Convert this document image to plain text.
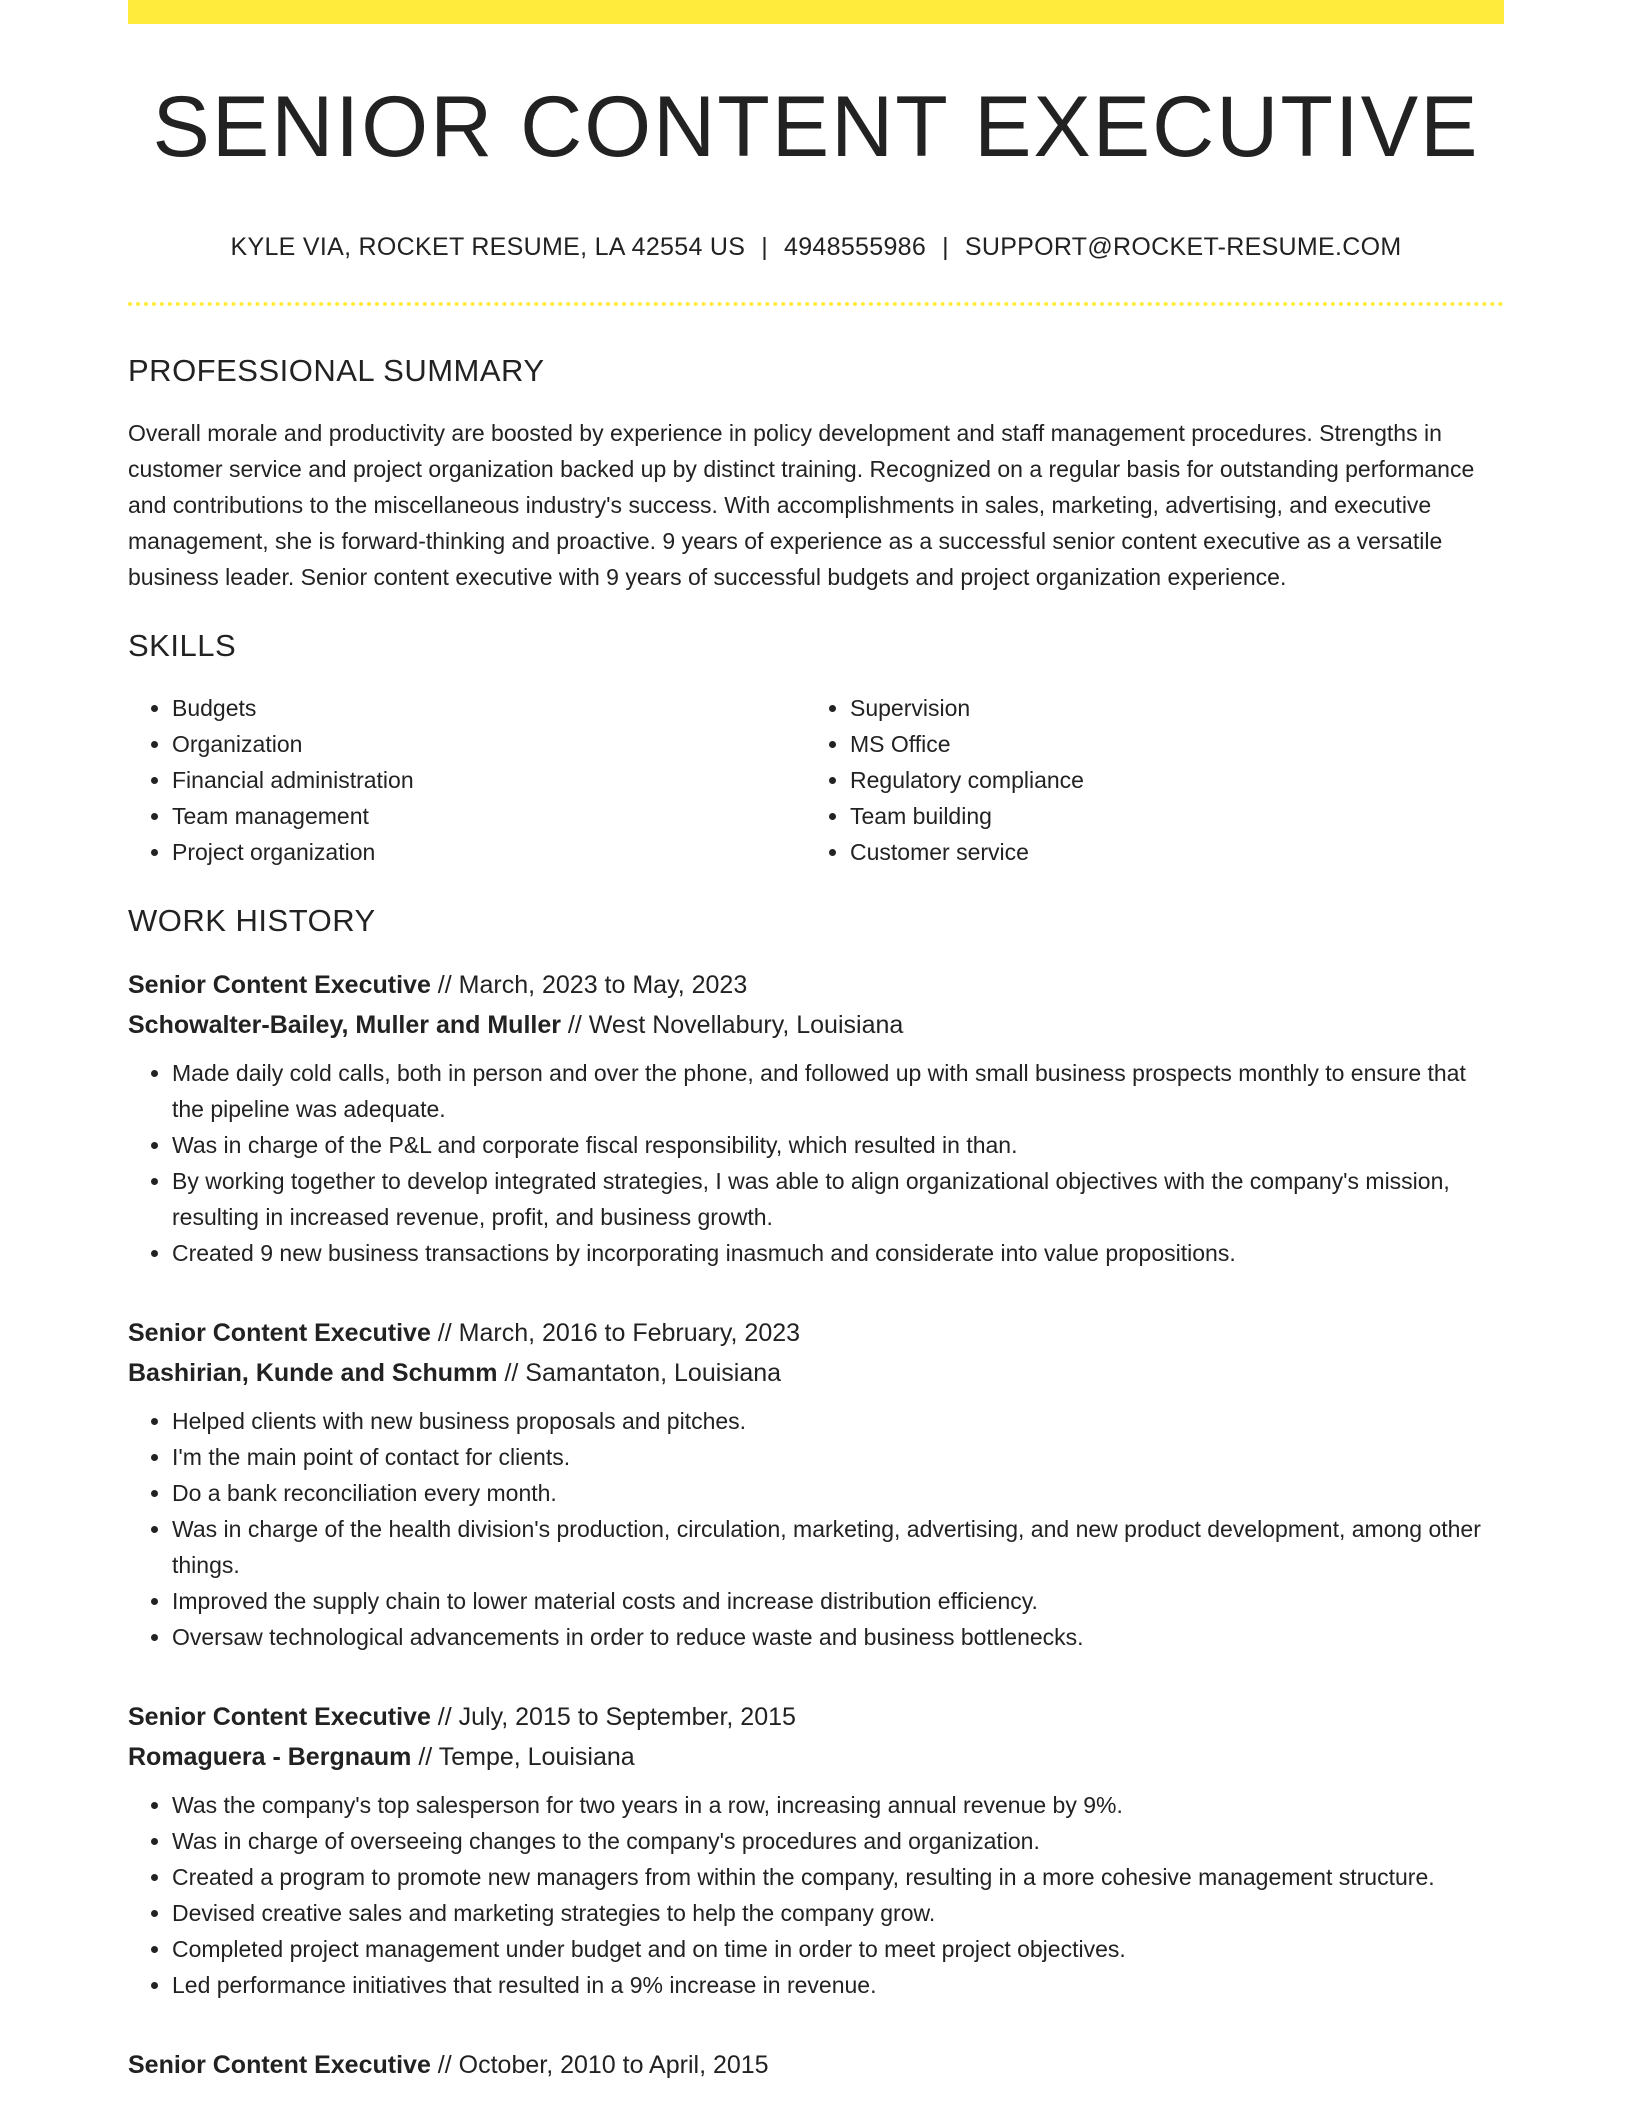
SENIOR CONTENT EXECUTIVE
KYLE VIA, ROCKET RESUME, LA 42554 US | 4948555986 | SUPPORT@ROCKET-RESUME.COM
PROFESSIONAL SUMMARY

Overall morale and productivity are boosted by experience in policy development and staff management procedures. Strengths in customer service and project organization backed up by distinct training. Recognized on a regular basis for outstanding performance and contributions to the miscellaneous industry's success. With accomplishments in sales, marketing, advertising, and executive management, she is forward-thinking and proactive. 9 years of experience as a successful senior content executive as a versatile business leader. Senior content executive with 9 years of successful budgets and project organization experience.

SKILLS
• Budgets
• Organization
• Financial administration
• Team management
• Project organization
• Supervision
• MS Office
• Regulatory compliance
• Team building
• Customer service
WORK HISTORY
Senior Content Executive // March, 2023 to May, 2023
Schowalter-Bailey, Muller and Muller // West Novellabury, Louisiana
• Made daily cold calls, both in person and over the phone, and followed up with small business prospects monthly to ensure that the pipeline was adequate.
• Was in charge of the P&L and corporate fiscal responsibility, which resulted in than.
• By working together to develop integrated strategies, I was able to align organizational objectives with the company's mission, resulting in increased revenue, profit, and business growth.
• Created 9 new business transactions by incorporating inasmuch and considerate into value propositions.
Senior Content Executive // March, 2016 to February, 2023
Bashirian, Kunde and Schumm // Samantaton, Louisiana
• Helped clients with new business proposals and pitches.
• I'm the main point of contact for clients.
• Do a bank reconciliation every month.
• Was in charge of the health division's production, circulation, marketing, advertising, and new product development, among other things.
• Improved the supply chain to lower material costs and increase distribution efficiency.
• Oversaw technological advancements in order to reduce waste and business bottlenecks.
Senior Content Executive // July, 2015 to September, 2015
Romaguera - Bergnaum // Tempe, Louisiana
• Was the company's top salesperson for two years in a row, increasing annual revenue by 9%.
• Was in charge of overseeing changes to the company's procedures and organization.
• Created a program to promote new managers from within the company, resulting in a more cohesive management structure.
• Devised creative sales and marketing strategies to help the company grow.
• Completed project management under budget and on time in order to meet project objectives.
• Led performance initiatives that resulted in a 9% increase in revenue.
Senior Content Executive // October, 2010 to April, 2015
